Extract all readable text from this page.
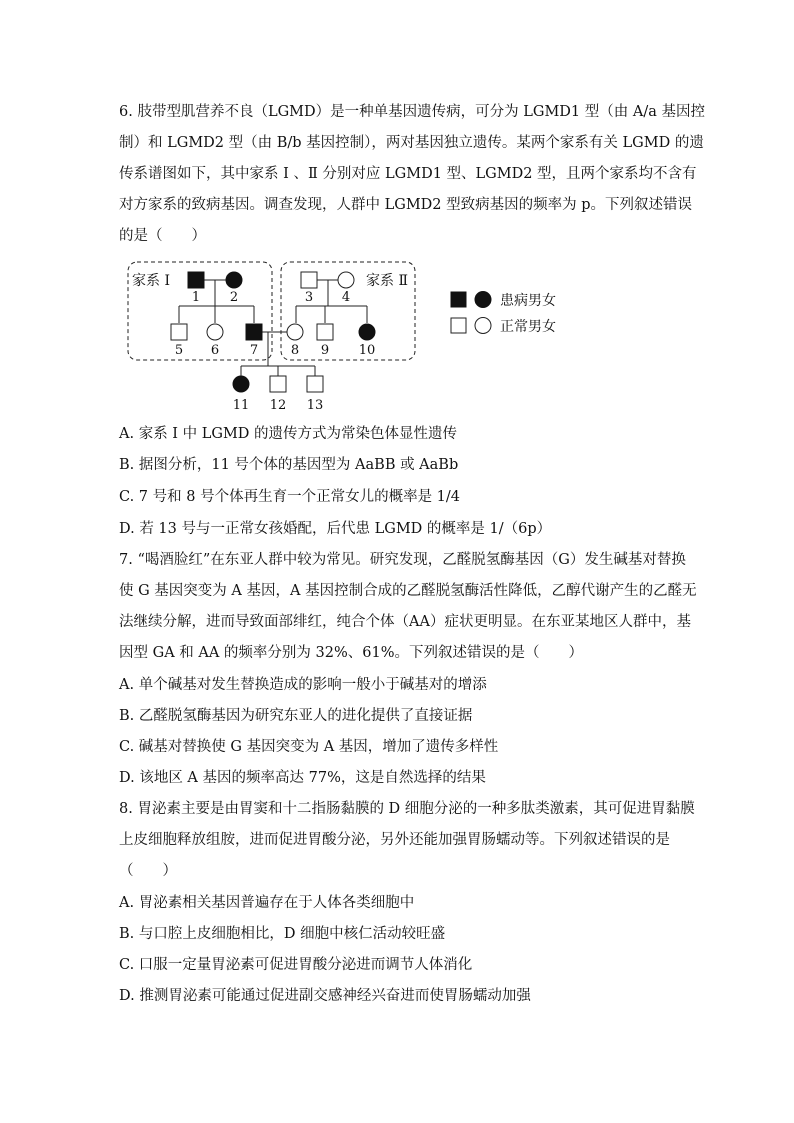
6. 肢带型肌营养不良（LGMD）是一种单基因遗传病，可分为 LGMD1 型（由 A/a 基因控
制）和 LGMD2 型（由 B/b 基因控制），两对基因独立遗传。某两个家系有关 LGMD 的遗
传系谱图如下，其中家系 Ⅰ 、Ⅱ 分别对应 LGMD1 型、LGMD2 型，且两个家系均不含有
对方家系的致病基因。调查发现，人群中 LGMD2 型致病基因的频率为 p。下列叙述错误
的是（　　）
家系 Ⅰ	家系 Ⅱ
1 2	3 4
5 6 7	8 9 10
11 12 13
患病男女
正常男女
A. 家系 Ⅰ 中 LGMD 的遗传方式为常染色体显性遗传
B. 据图分析，11 号个体的基因型为 AaBB 或 AaBb
C. 7 号和 8 号个体再生育一个正常女儿的概率是 1/4
D. 若 13 号与一正常女孩婚配，后代患 LGMD 的概率是 1/（6p）
7. “喝酒脸红”在东亚人群中较为常见。研究发现，乙醛脱氢酶基因（G）发生碱基对替换
使 G 基因突变为 A 基因，A 基因控制合成的乙醛脱氢酶活性降低，乙醇代谢产生的乙醛无
法继续分解，进而导致面部绯红，纯合个体（AA）症状更明显。在东亚某地区人群中，基
因型 GA 和 AA 的频率分别为 32%、61%。下列叙述错误的是（　　）
A. 单个碱基对发生替换造成的影响一般小于碱基对的增添
B. 乙醛脱氢酶基因为研究东亚人的进化提供了直接证据
C. 碱基对替换使 G 基因突变为 A 基因，增加了遗传多样性
D. 该地区 A 基因的频率高达 77%，这是自然选择的结果
8. 胃泌素主要是由胃窦和十二指肠黏膜的 D 细胞分泌的一种多肽类激素，其可促进胃黏膜
上皮细胞释放组胺，进而促进胃酸分泌，另外还能加强胃肠蠕动等。下列叙述错误的是
（　　）
A. 胃泌素相关基因普遍存在于人体各类细胞中
B. 与口腔上皮细胞相比，D 细胞中核仁活动较旺盛
C. 口服一定量胃泌素可促进胃酸分泌进而调节人体消化
D. 推测胃泌素可能通过促进副交感神经兴奋进而使胃肠蠕动加强
